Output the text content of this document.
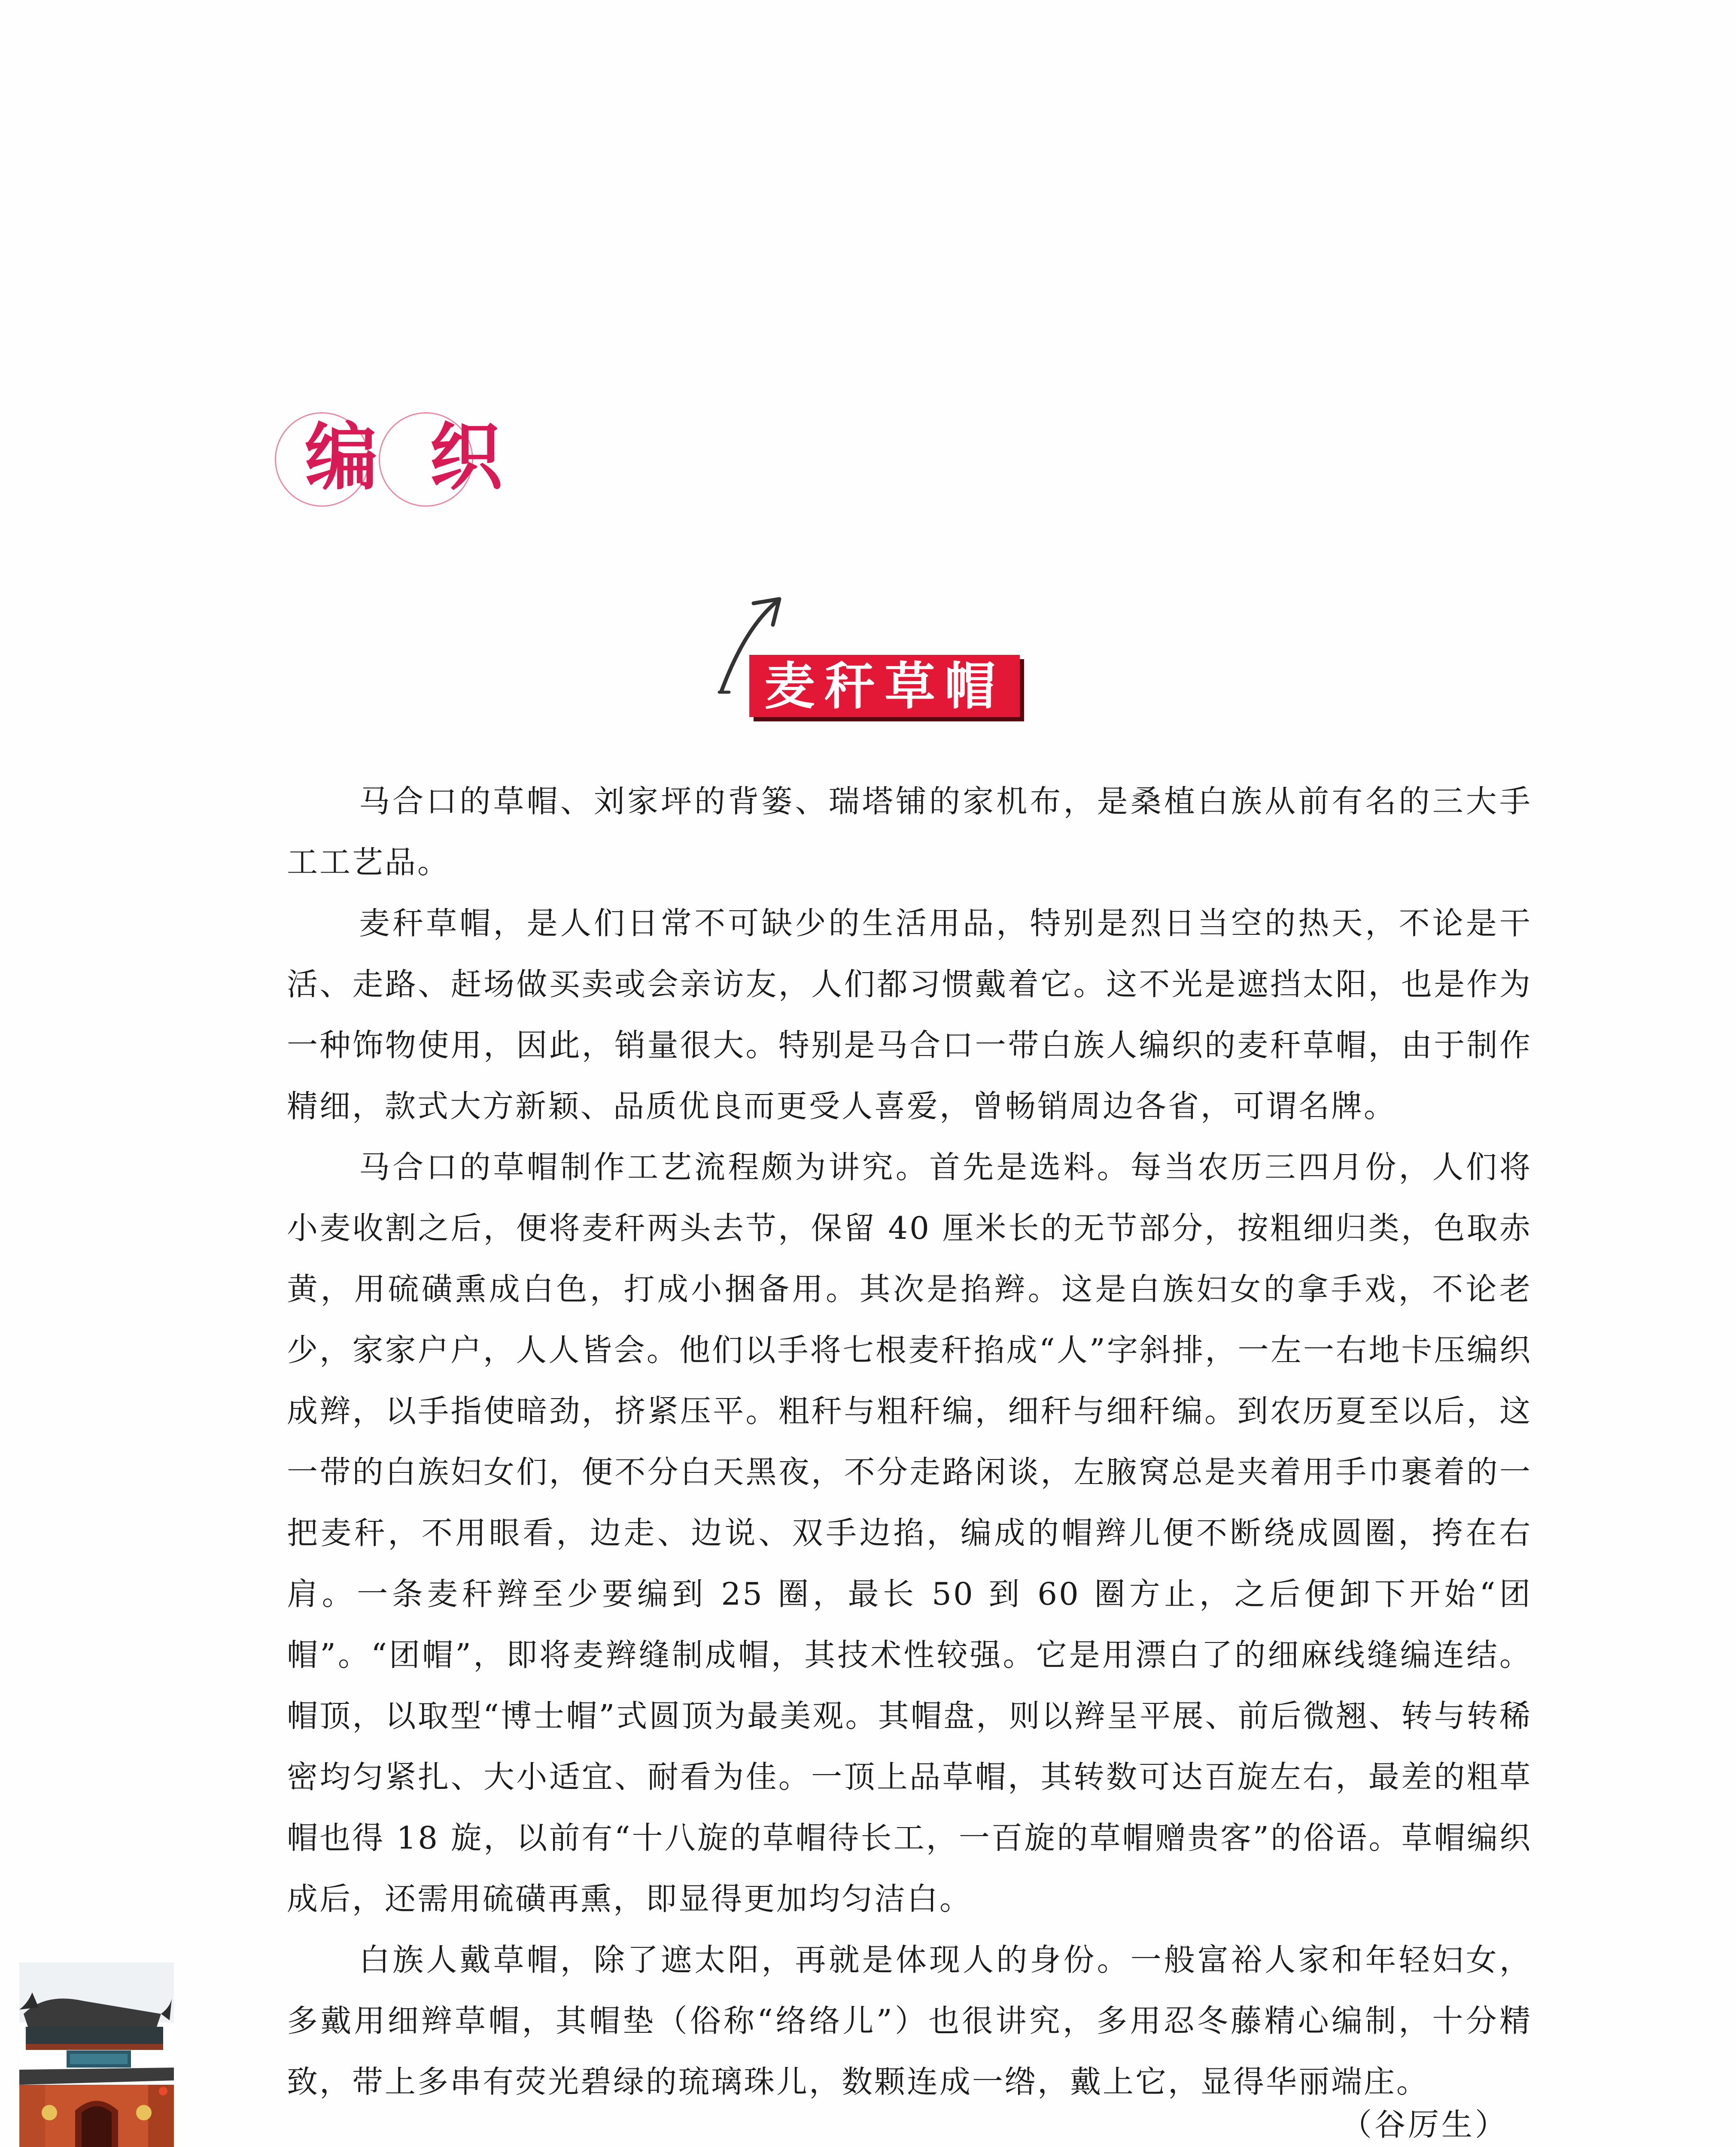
编织
麦秆草帽

马合口的草帽、刘家坪的背篓、瑞塔铺的家机布，是桑植白族从前有名的三大手工工艺品。

麦秆草帽，是人们日常不可缺少的生活用品，特别是烈日当空的热天，不论是干活、走路、赶场做买卖或会亲访友，人们都习惯戴着它。这不光是遮挡太阳，也是作为一种饰物使用，因此，销量很大。特别是马合口一带白族人编织的麦秆草帽，由于制作精细，款式大方新颖、品质优良而更受人喜爱，曾畅销周边各省，可谓名牌。

马合口的草帽制作工艺流程颇为讲究。首先是选料。每当农历三四月份，人们将小麦收割之后，便将麦秆两头去节，保留 40 厘米长的无节部分，按粗细归类，色取赤黄，用硫磺熏成白色，打成小捆备用。其次是掐辫。这是白族妇女的拿手戏，不论老少，家家户户，人人皆会。他们以手将七根麦秆掐成“人”字斜排，一左一右地卡压编织成辫，以手指使暗劲，挤紧压平。粗秆与粗秆编，细秆与细秆编。到农历夏至以后，这一带的白族妇女们，便不分白天黑夜，不分走路闲谈，左腋窝总是夹着用手巾裹着的一把麦秆，不用眼看，边走、边说、双手边掐，编成的帽辫儿便不断绕成圆圈，挎在右肩。一条麦秆辫至少要编到 25 圈，最长 50 到 60 圈方止，之后便卸下开始“团帽”。“团帽”，即将麦辫缝制成帽，其技术性较强。它是用漂白了的细麻线缝编连结。帽顶，以取型“博士帽”式圆顶为最美观。其帽盘，则以辫呈平展、前后微翘、转与转稀密均匀紧扎、大小适宜、耐看为佳。一顶上品草帽，其转数可达百旋左右，最差的粗草帽也得 18 旋，以前有“十八旋的草帽待长工，一百旋的草帽赠贵客”的俗语。草帽编织成后，还需用硫磺再熏，即显得更加均匀洁白。

白族人戴草帽，除了遮太阳，再就是体现人的身份。一般富裕人家和年轻妇女，多戴用细辫草帽，其帽垫（俗称“络络儿”）也很讲究，多用忍冬藤精心编制，十分精致，带上多串有荧光碧绿的琉璃珠儿，数颗连成一绺，戴上它，显得华丽端庄。

（谷厉生）
